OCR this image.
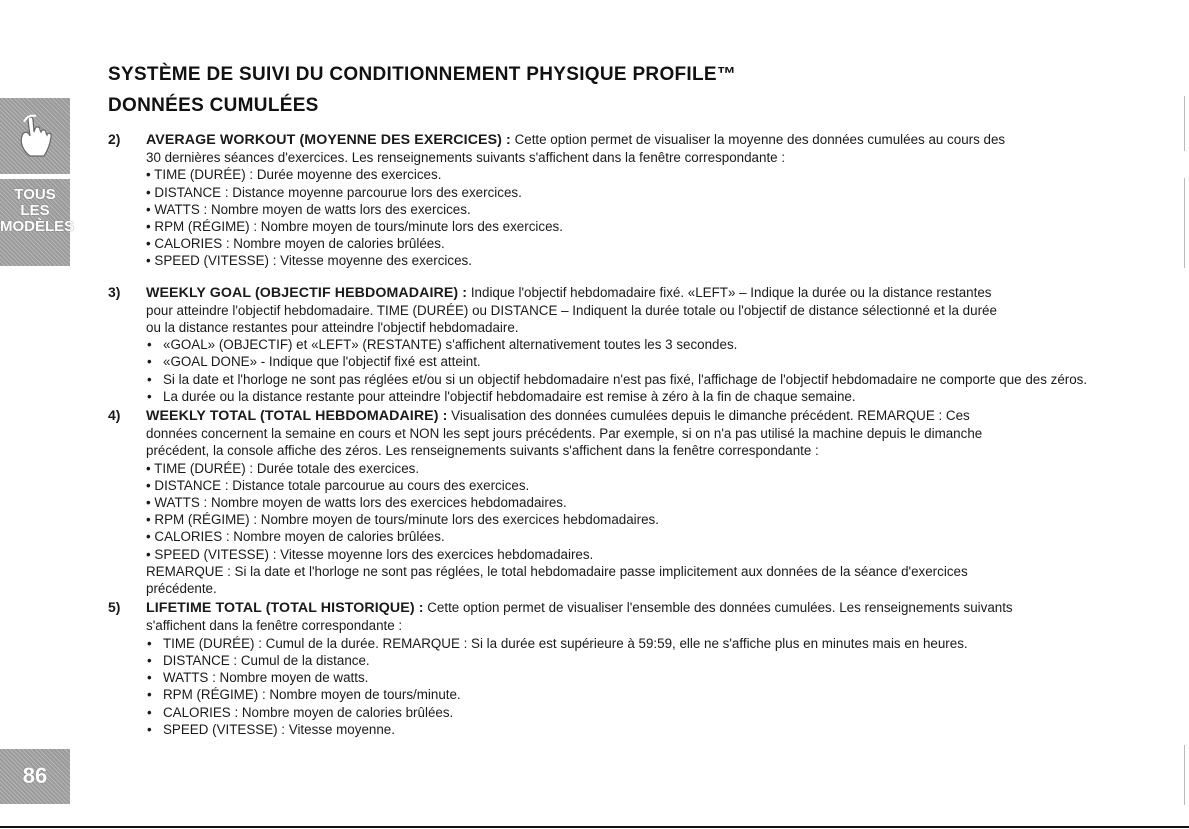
TOUS
LES
MODÈLES
86
SYSTÈME DE SUIVI DU CONDITIONNEMENT PHYSIQUE PROFILE™
DONNÉES CUMULÉES
2) AVERAGE WORKOUT (MOYENNE DES EXERCICES) : Cette option permet de visualiser la moyenne des données cumulées au cours des
30 dernières séances d'exercices. Les renseignements suivants s'affichent dans la fenêtre correspondante :
• TIME (DURÉE) : Durée moyenne des exercices.
• DISTANCE : Distance moyenne parcourue lors des exercices.
• WATTS : Nombre moyen de watts lors des exercices.
• RPM (RÉGIME) : Nombre moyen de tours/minute lors des exercices.
• CALORIES : Nombre moyen de calories brûlées.
• SPEED (VITESSE) : Vitesse moyenne des exercices.
3) WEEKLY GOAL (OBJECTIF HEBDOMADAIRE) : Indique l'objectif hebdomadaire fixé. «LEFT» – Indique la durée ou la distance restantes
pour atteindre l'objectif hebdomadaire. TIME (DURÉE) ou DISTANCE – Indiquent la durée totale ou l'objectif de distance sélectionné et la durée
ou la distance restantes pour atteindre l'objectif hebdomadaire.
• «GOAL» (OBJECTIF) et «LEFT» (RESTANTE) s'affichent alternativement toutes les 3 secondes.
• «GOAL DONE» - Indique que l'objectif fixé est atteint.
• Si la date et l'horloge ne sont pas réglées et/ou si un objectif hebdomadaire n'est pas fixé, l'affichage de l'objectif hebdomadaire ne comporte que des zéros.
• La durée ou la distance restante pour atteindre l'objectif hebdomadaire est remise à zéro à la fin de chaque semaine.
4) WEEKLY TOTAL (TOTAL HEBDOMADAIRE) : Visualisation des données cumulées depuis le dimanche précédent. REMARQUE : Ces
données concernent la semaine en cours et NON les sept jours précédents. Par exemple, si on n'a pas utilisé la machine depuis le dimanche
précédent, la console affiche des zéros. Les renseignements suivants s'affichent dans la fenêtre correspondante :
• TIME (DURÉE) : Durée totale des exercices.
• DISTANCE : Distance totale parcourue au cours des exercices.
• WATTS : Nombre moyen de watts lors des exercices hebdomadaires.
• RPM (RÉGIME) : Nombre moyen de tours/minute lors des exercices hebdomadaires.
• CALORIES : Nombre moyen de calories brûlées.
• SPEED (VITESSE) : Vitesse moyenne lors des exercices hebdomadaires.
REMARQUE : Si la date et l'horloge ne sont pas réglées, le total hebdomadaire passe implicitement aux données de la séance d'exercices
précédente.
5) LIFETIME TOTAL (TOTAL HISTORIQUE) : Cette option permet de visualiser l'ensemble des données cumulées. Les renseignements suivants
s'affichent dans la fenêtre correspondante :
• TIME (DURÉE) : Cumul de la durée. REMARQUE : Si la durée est supérieure à 59:59, elle ne s'affiche plus en minutes mais en heures.
• DISTANCE : Cumul de la distance.
• WATTS : Nombre moyen de watts.
• RPM (RÉGIME) : Nombre moyen de tours/minute.
• CALORIES : Nombre moyen de calories brûlées.
• SPEED (VITESSE) : Vitesse moyenne.
